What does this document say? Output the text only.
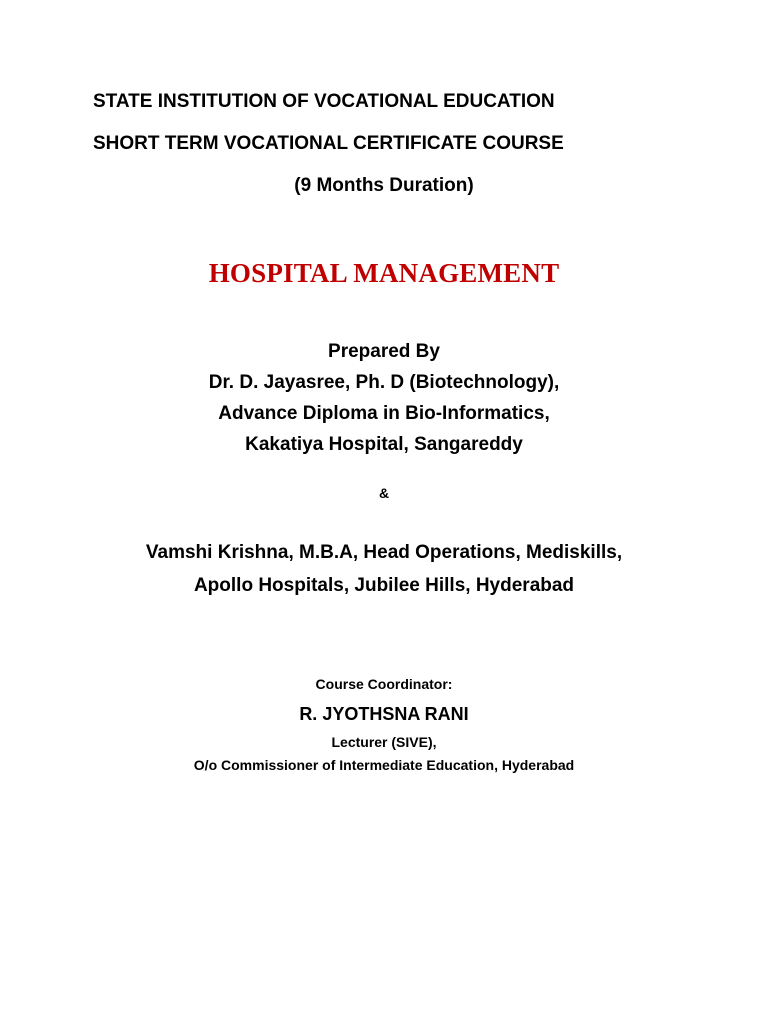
STATE INSTITUTION OF VOCATIONAL EDUCATION
SHORT TERM VOCATIONAL CERTIFICATE COURSE
(9 Months Duration)
HOSPITAL MANAGEMENT
Prepared By
Dr. D. Jayasree, Ph. D (Biotechnology),
Advance Diploma in Bio-Informatics,
Kakatiya Hospital, Sangareddy
&
Vamshi Krishna, M.B.A, Head Operations, Mediskills,
Apollo Hospitals, Jubilee Hills, Hyderabad
Course Coordinator:
R. JYOTHSNA RANI
Lecturer (SIVE),
O/o Commissioner of Intermediate Education, Hyderabad
